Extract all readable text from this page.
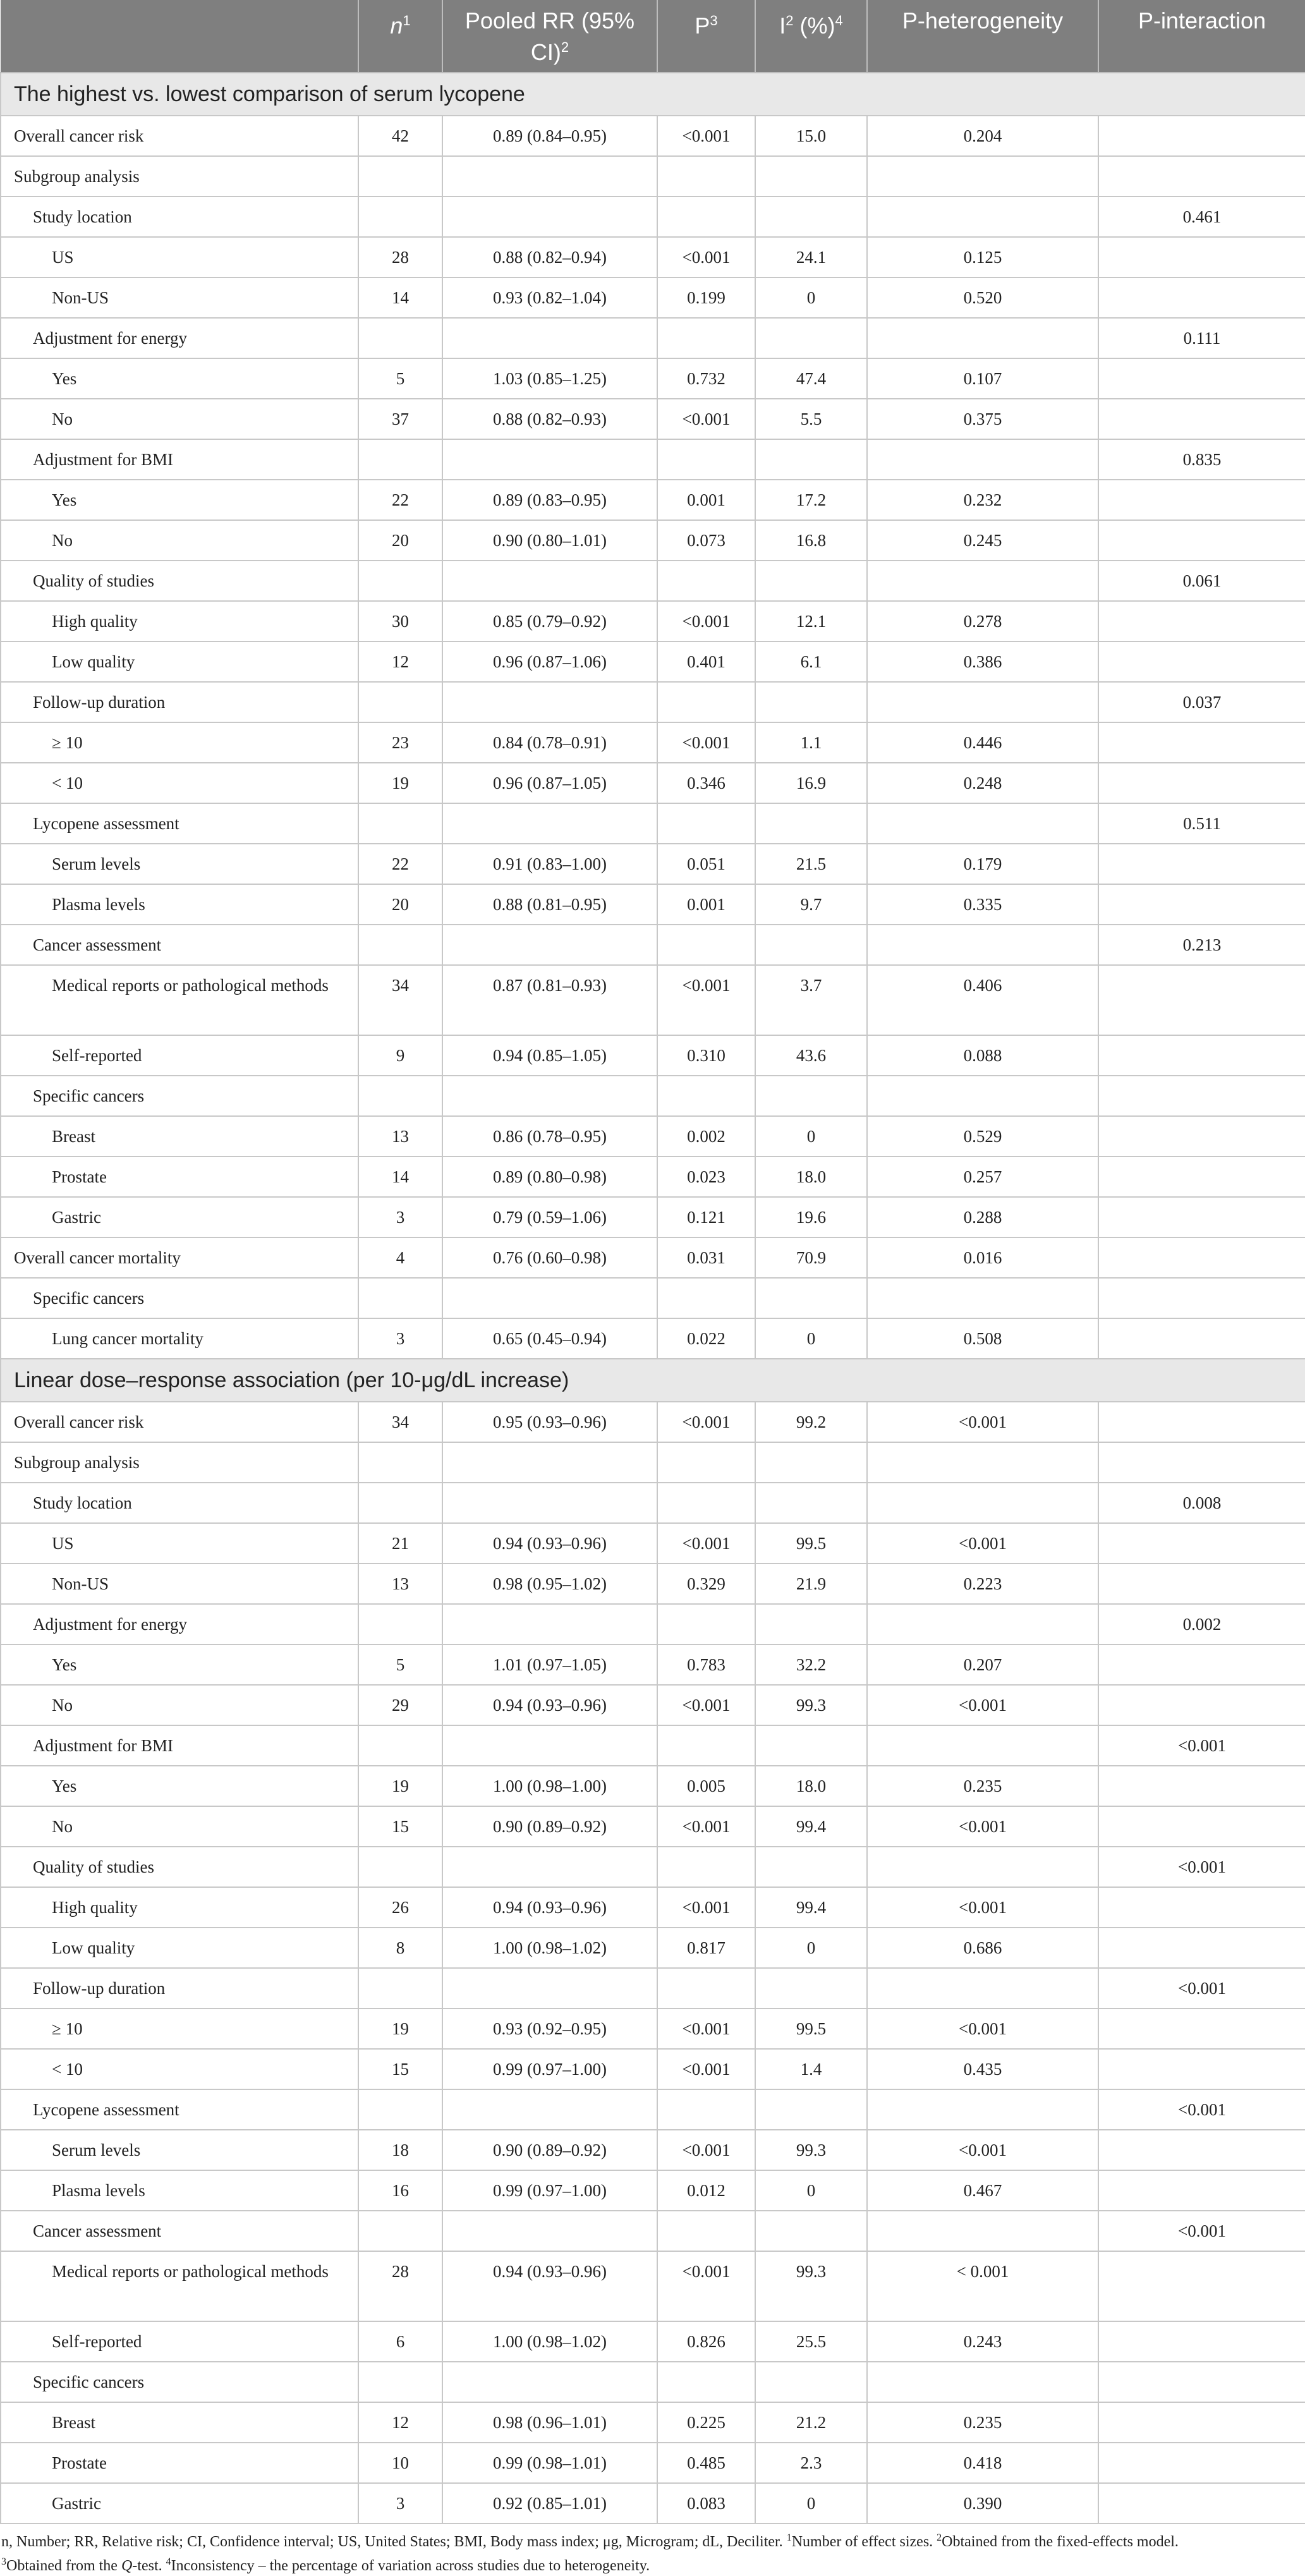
	$n^1$	Pooled RR (95% CI)$^2$	$P^3$	$I^2$ (%)$^4$	P-heterogeneity	P-interaction
The highest vs. lowest comparison of serum lycopene						
Overall cancer risk	42	0.89 (0.84–0.95)	<0.001	15.0	0.204	
Subgroup analysis						
Study location						0.461
US	28	0.88 (0.82–0.94)	<0.001	24.1	0.125	
Non-US	14	0.93 (0.82–1.04)	0.199	0	0.520	
Adjustment for energy						0.111
Yes	5	1.03 (0.85–1.25)	0.732	47.4	0.107	
No	37	0.88 (0.82–0.93)	<0.001	5.5	0.375	
Adjustment for BMI						0.835
Yes	22	0.89 (0.83–0.95)	0.001	17.2	0.232	
No	20	0.90 (0.80–1.01)	0.073	16.8	0.245	
Quality of studies						0.061
High quality	30	0.85 (0.79–0.92)	<0.001	12.1	0.278	
Low quality	12	0.96 (0.87–1.06)	0.401	6.1	0.386	
Follow-up duration						0.037
≥ 10	23	0.84 (0.78–0.91)	<0.001	1.1	0.446	
< 10	19	0.96 (0.87–1.05)	0.346	16.9	0.248	
Lycopene assessment						0.511
Serum levels	22	0.91 (0.83–1.00)	0.051	21.5	0.179	
Plasma levels	20	0.88 (0.81–0.95)	0.001	9.7	0.335	
Cancer assessment						0.213
Medical reports or pathological methods	34	0.87 (0.81–0.93)	<0.001	3.7	0.406	
Self-reported	9	0.94 (0.85–1.05)	0.310	43.6	0.088	
Specific cancers						
Breast	13	0.86 (0.78–0.95)	0.002	0	0.529	
Prostate	14	0.89 (0.80–0.98)	0.023	18.0	0.257	
Gastric	3	0.79 (0.59–1.06)	0.121	19.6	0.288	
Overall cancer mortality	4	0.76 (0.60–0.98)	0.031	70.9	0.016	
Specific cancers						
Lung cancer mortality	3	0.65 (0.45–0.94)	0.022	0	0.508	
Linear dose–response association (per 10-μg/dL increase)						
Overall cancer risk	34	0.95 (0.93–0.96)	<0.001	99.2	<0.001	
Subgroup analysis						
Study location						0.008
US	21	0.94 (0.93–0.96)	<0.001	99.5	<0.001	
Non-US	13	0.98 (0.95–1.02)	0.329	21.9	0.223	
Adjustment for energy						0.002
Yes	5	1.01 (0.97–1.05)	0.783	32.2	0.207	
No	29	0.94 (0.93–0.96)	<0.001	99.3	<0.001	
Adjustment for BMI						<0.001
Yes	19	1.00 (0.98–1.00)	0.005	18.0	0.235	
No	15	0.90 (0.89–0.92)	<0.001	99.4	<0.001	
Quality of studies						<0.001
High quality	26	0.94 (0.93–0.96)	<0.001	99.4	<0.001	
Low quality	8	1.00 (0.98–1.02)	0.817	0	0.686	
Follow-up duration						<0.001
≥ 10	19	0.93 (0.92–0.95)	<0.001	99.5	<0.001	
< 10	15	0.99 (0.97–1.00)	<0.001	1.4	0.435	
Lycopene assessment						<0.001
Serum levels	18	0.90 (0.89–0.92)	<0.001	99.3	<0.001	
Plasma levels	16	0.99 (0.97–1.00)	0.012	0	0.467	
Cancer assessment						<0.001
Medical reports or pathological methods	28	0.94 (0.93–0.96)	<0.001	99.3	< 0.001	
Self-reported	6	1.00 (0.98–1.02)	0.826	25.5	0.243	
Specific cancers						
Breast	12	0.98 (0.96–1.01)	0.225	21.2	0.235	
Prostate	10	0.99 (0.98–1.01)	0.485	2.3	0.418	
Gastric	3	0.92 (0.85–1.01)	0.083	0	0.390	
n, Number; RR, Relative risk; CI, Confidence interval; US, United States; BMI, Body mass index; μg, Microgram; dL, Deciliter. $^1$Number of effect sizes. $^2$Obtained from the fixed-effects model.
$^3$Obtained from the Q-test. $^4$Inconsistency – the percentage of variation across studies due to heterogeneity.
